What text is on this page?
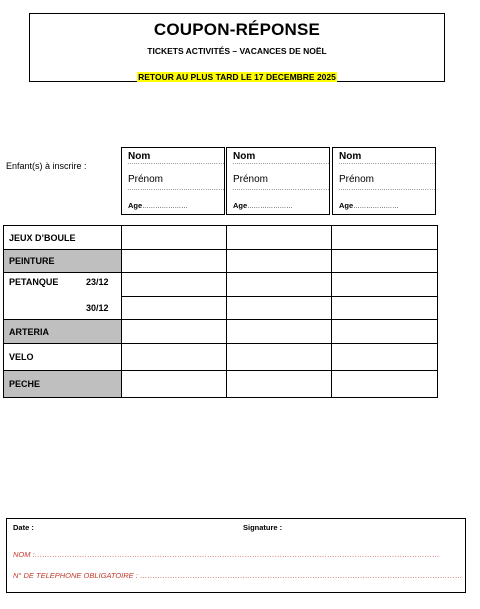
COUPON-RÉPONSE
TICKETS ACTIVITÉS – VACANCES DE NOËL
RETOUR AU PLUS TARD LE 17 DECEMBRE 2025
Enfant(s) à inscrire :
Nom
………………………………………
Prénom
………………………………………
Age…………………
Nom
………………………………………
Prénom
………………………………………
Age…………………
Nom
………………………………………
Prénom
………………………………………
Age…………………
JEUX D’BOULE
PEINTURE
PETANQUE	23/12
30/12
ARTERIA
VELO
PECHE
Date :	Signature :
NOM :………………………………………………………………………………………………………………………………………………
N° DE TELEPHONE OBLIGATOIRE : …………………………………………………………………………………………………………………
